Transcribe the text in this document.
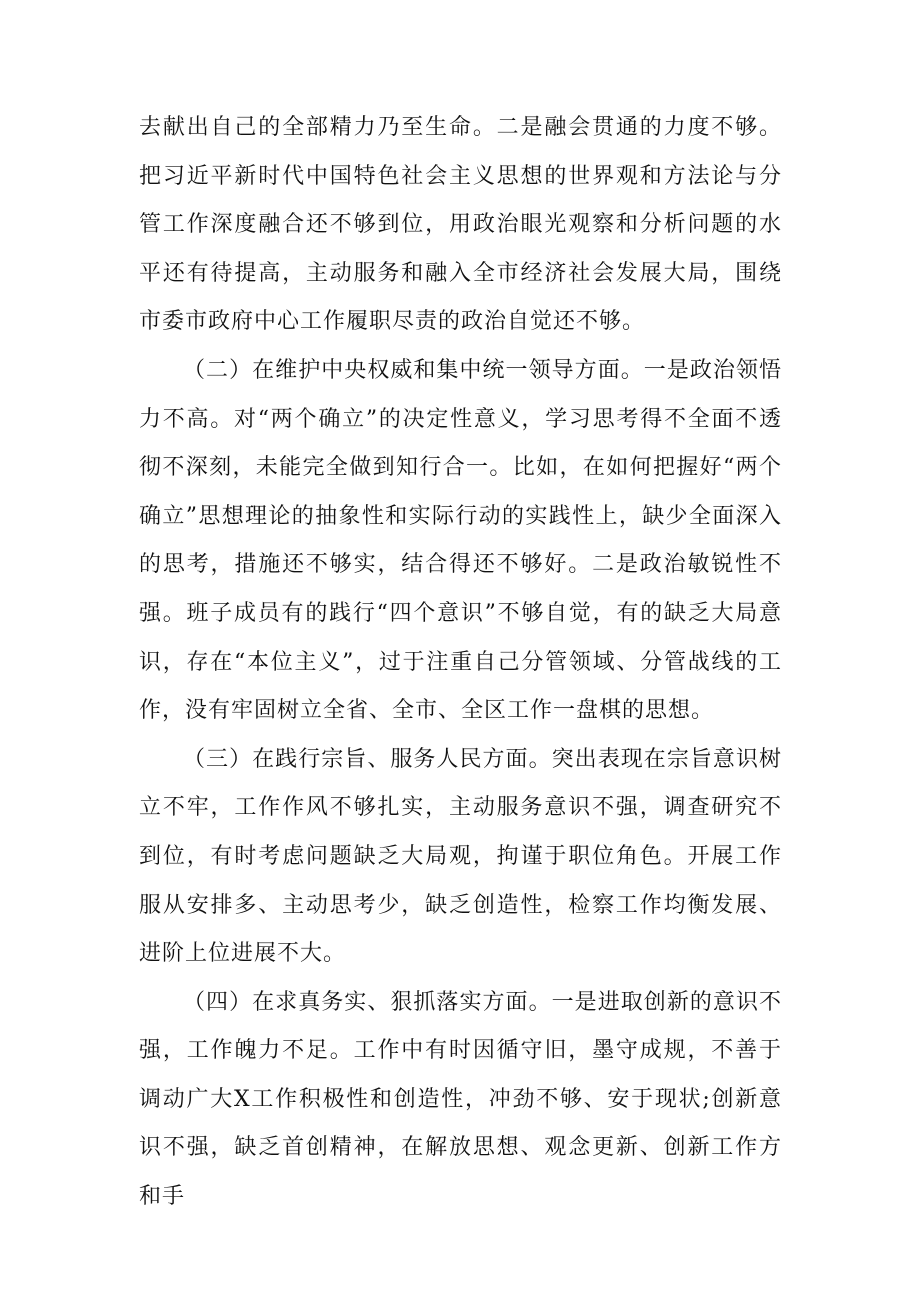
去献出自己的全部精力乃至生命。二是融会贯通的力度不够。把习近平新时代中国特色社会主义思想的世界观和方法论与分管工作深度融合还不够到位，用政治眼光观察和分析问题的水平还有待提高，主动服务和融入全市经济社会发展大局，围绕市委市政府中心工作履职尽责的政治自觉还不够。

（二）在维护中央权威和集中统一领导方面。一是政治领悟力不高。对“两个确立”的决定性意义，学习思考得不全面不透彻不深刻，未能完全做到知行合一。比如，在如何把握好“两个确立”思想理论的抽象性和实际行动的实践性上，缺少全面深入的思考，措施还不够实，结合得还不够好。二是政治敏锐性不强。班子成员有的践行“四个意识”不够自觉，有的缺乏大局意识，存在“本位主义”，过于注重自己分管领域、分管战线的工作，没有牢固树立全省、全市、全区工作一盘棋的思想。

（三）在践行宗旨、服务人民方面。突出表现在宗旨意识树立不牢，工作作风不够扎实，主动服务意识不强，调查研究不到位，有时考虑问题缺乏大局观，拘谨于职位角色。开展工作服从安排多、主动思考少，缺乏创造性，检察工作均衡发展、进阶上位进展不大。

（四）在求真务实、狠抓落实方面。一是进取创新的意识不强，工作魄力不足。工作中有时因循守旧，墨守成规，不善于调动广大X工作积极性和创造性，冲劲不够、安于现状;创新意识不强，缺乏首创精神，在解放思想、观念更新、创新工作方和手
